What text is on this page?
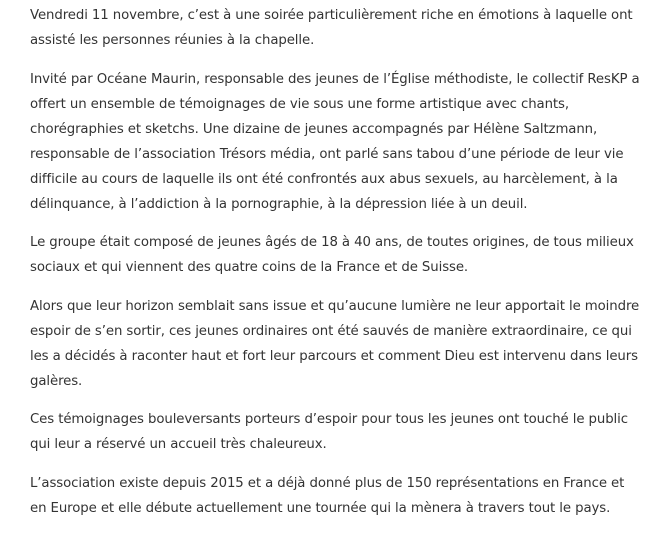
Vendredi 11 novembre, c’est à une soirée particulièrement riche en émotions à laquelle ont assisté les personnes réunies à la chapelle.

Invité par Océane Maurin, responsable des jeunes de l’Église méthodiste, le collectif ResKP a offert un ensemble de témoignages de vie sous une forme artistique avec chants, chorégraphies et sketchs. Une dizaine de jeunes accompagnés par Hélène Saltzmann, responsable de l’association Trésors média, ont parlé sans tabou d’une période de leur vie difficile au cours de laquelle ils ont été confrontés aux abus sexuels, au harcèlement, à la délinquance, à l’addiction à la pornographie, à la dépression liée à un deuil.

Le groupe était composé de jeunes âgés de 18 à 40 ans, de toutes origines, de tous milieux sociaux et qui viennent des quatre coins de la France et de Suisse.

Alors que leur horizon semblait sans issue et qu’aucune lumière ne leur apportait le moindre espoir de s’en sortir, ces jeunes ordinaires ont été sauvés de manière extraordinaire, ce qui les a décidés à raconter haut et fort leur parcours et comment Dieu est intervenu dans leurs galères.

Ces témoignages bouleversants porteurs d’espoir pour tous les jeunes ont touché le public qui leur a réservé un accueil très chaleureux.

L’association existe depuis 2015 et a déjà donné plus de 150 représentations en France et en Europe et elle débute actuellement une tournée qui la mènera à travers tout le pays.
